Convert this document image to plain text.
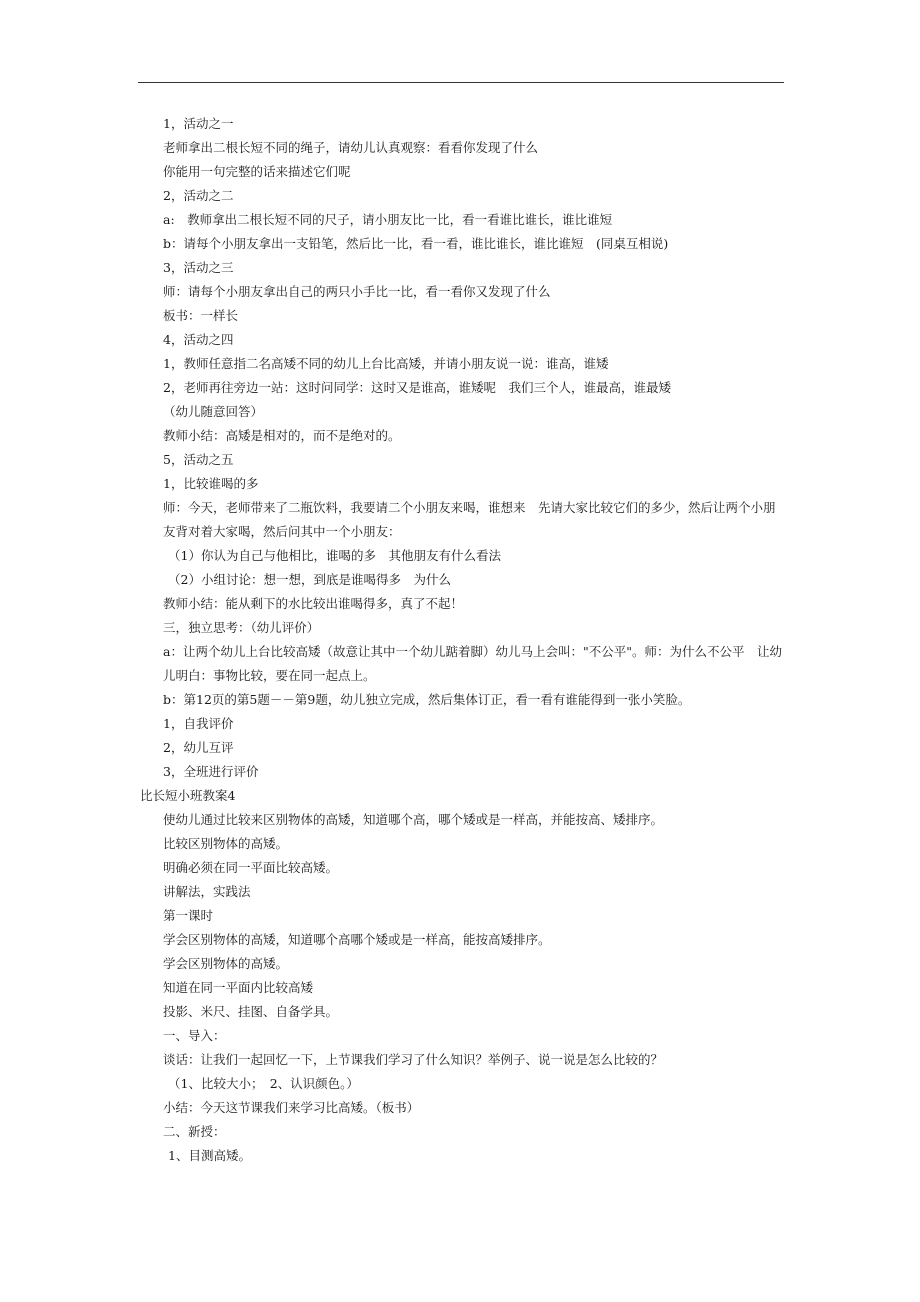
1，活动之一
老师拿出二根长短不同的绳子，请幼儿认真观察：看看你发现了什么
你能用一句完整的话来描述它们呢
2，活动之二
a:　教师拿出二根长短不同的尺子，请小朋友比一比，看一看谁比谁长，谁比谁短
b：请每个小朋友拿出一支铅笔，然后比一比，看一看，谁比谁长，谁比谁短　(同桌互相说)
3，活动之三
师：请每个小朋友拿出自己的两只小手比一比，看一看你又发现了什么
板书：一样长
4，活动之四
1，教师任意指二名高矮不同的幼儿上台比高矮，并请小朋友说一说：谁高，谁矮
2，老师再往旁边一站：这时问同学：这时又是谁高，谁矮呢　我们三个人，谁最高，谁最矮
（幼儿随意回答）
教师小结：高矮是相对的，而不是绝对的。
5，活动之五
1，比较谁喝的多
师：今天，老师带来了二瓶饮料，我要请二个小朋友来喝，谁想来　先请大家比较它们的多少，然后让两个小朋友背对着大家喝，然后问其中一个小朋友：
（1）你认为自己与他相比，谁喝的多　其他朋友有什么看法
（2）小组讨论：想一想，到底是谁喝得多　为什么
教师小结：能从剩下的水比较出谁喝得多，真了不起！
三，独立思考：（幼儿评价）
a：让两个幼儿上台比较高矮（故意让其中一个幼儿踮着脚）幼儿马上会叫："不公平"。师：为什么不公平　让幼儿明白：事物比较，要在同一起点上。
b：第12页的第5题－－第9题，幼儿独立完成，然后集体订正，看一看有谁能得到一张小笑脸。
1，自我评价
2，幼儿互评
3，全班进行评价
比长短小班教案4
使幼儿通过比较来区别物体的高矮，知道哪个高，哪个矮或是一样高，并能按高、矮排序。
比较区别物体的高矮。
明确必须在同一平面比较高矮。
讲解法，实践法
第一课时
学会区别物体的高矮，知道哪个高哪个矮或是一样高，能按高矮排序。
学会区别物体的高矮。
知道在同一平面内比较高矮
投影、米尺、挂图、自备学具。
一、导入：
谈话：让我们一起回忆一下，上节课我们学习了什么知识？举例子、说一说是怎么比较的？
（1、比较大小；　2、认识颜色。）
小结：今天这节课我们来学习比高矮。（板书）
二、新授：
1、目测高矮。
